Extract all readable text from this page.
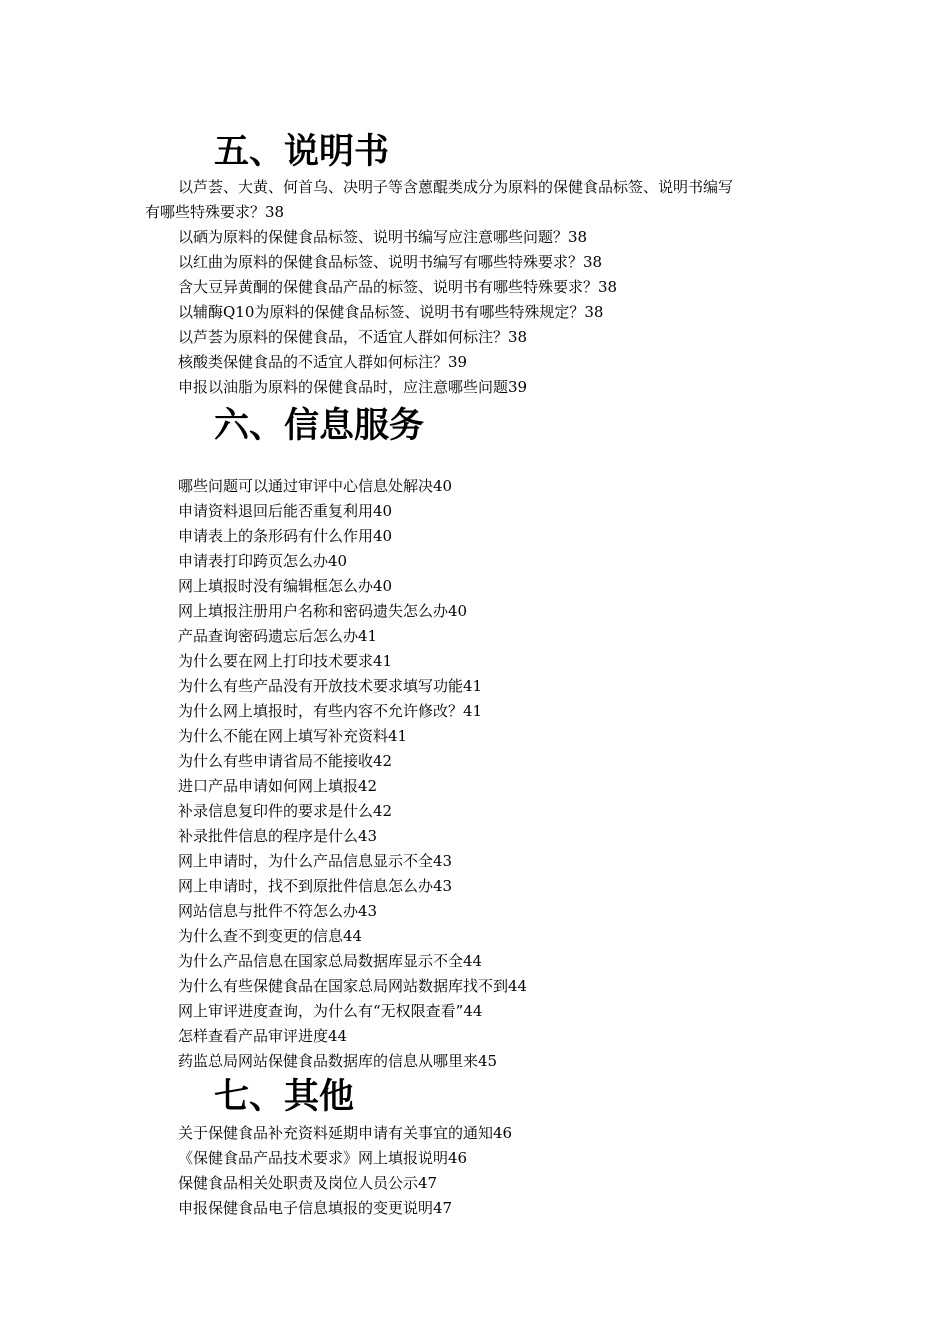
五、说明书
以芦荟、大黄、何首乌、决明子等含蒽醌类成分为原料的保健食品标签、说明书编写
有哪些特殊要求？38
以硒为原料的保健食品标签、说明书编写应注意哪些问题？38
以红曲为原料的保健食品标签、说明书编写有哪些特殊要求？38
含大豆异黄酮的保健食品产品的标签、说明书有哪些特殊要求？38
以辅酶Q10为原料的保健食品标签、说明书有哪些特殊规定？38
以芦荟为原料的保健食品，不适宜人群如何标注？38
核酸类保健食品的不适宜人群如何标注？39
申报以油脂为原料的保健食品时，应注意哪些问题39
六、信息服务
哪些问题可以通过审评中心信息处解决40
申请资料退回后能否重复利用40
申请表上的条形码有什么作用40
申请表打印跨页怎么办40
网上填报时没有编辑框怎么办40
网上填报注册用户名称和密码遗失怎么办40
产品查询密码遗忘后怎么办41
为什么要在网上打印技术要求41
为什么有些产品没有开放技术要求填写功能41
为什么网上填报时，有些内容不允许修改？41
为什么不能在网上填写补充资料41
为什么有些申请省局不能接收42
进口产品申请如何网上填报42
补录信息复印件的要求是什么42
补录批件信息的程序是什么43
网上申请时，为什么产品信息显示不全43
网上申请时，找不到原批件信息怎么办43
网站信息与批件不符怎么办43
为什么查不到变更的信息44
为什么产品信息在国家总局数据库显示不全44
为什么有些保健食品在国家总局网站数据库找不到44
网上审评进度查询，为什么有“无权限查看”44
怎样查看产品审评进度44
药监总局网站保健食品数据库的信息从哪里来45
七、其他
关于保健食品补充资料延期申请有关事宜的通知46
《保健食品产品技术要求》网上填报说明46
保健食品相关处职责及岗位人员公示47
申报保健食品电子信息填报的变更说明47
